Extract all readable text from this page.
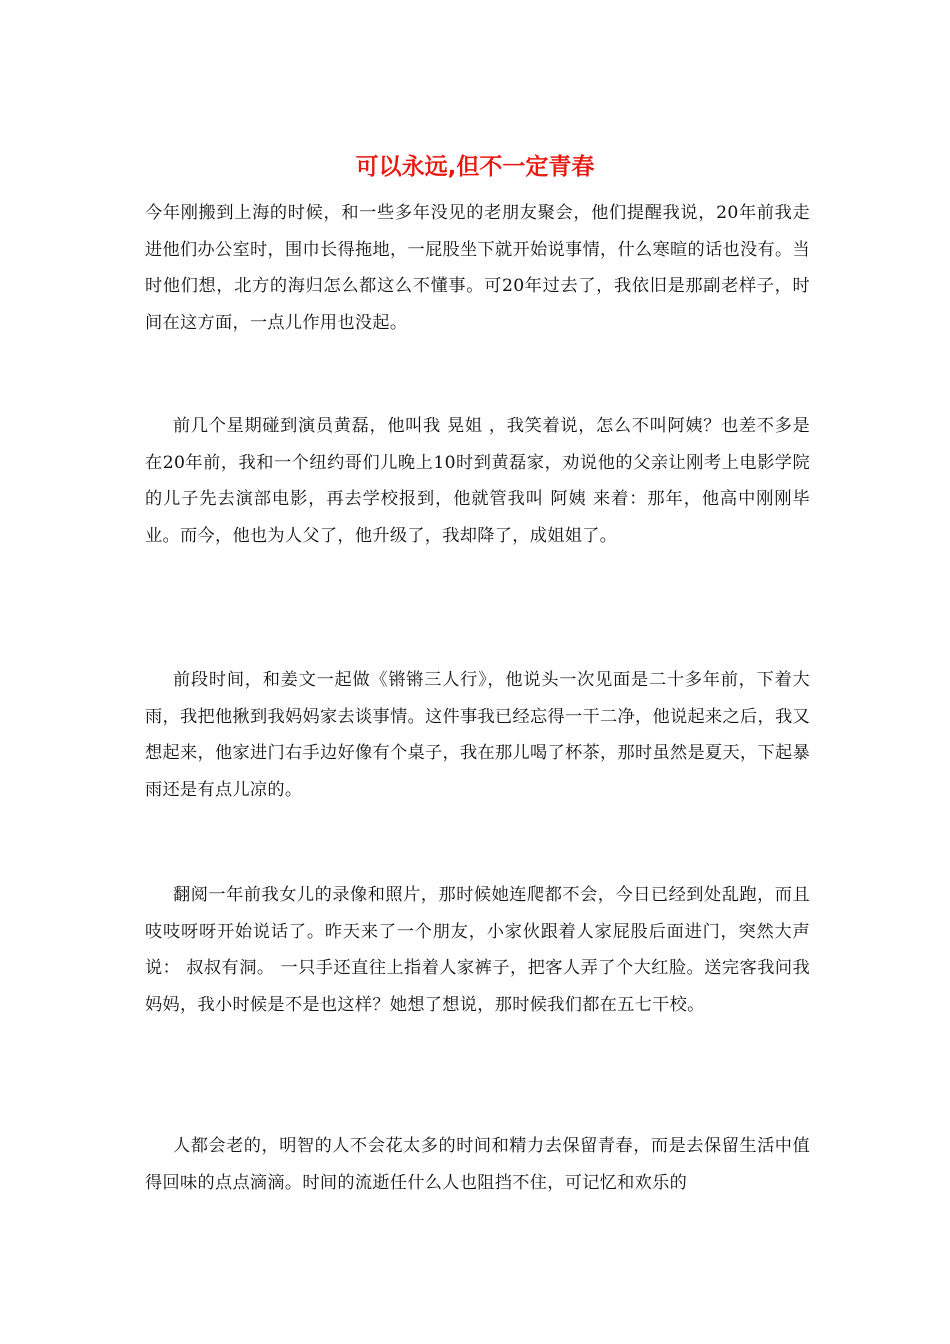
可以永远,但不一定青春

今年刚搬到上海的时候，和一些多年没见的老朋友聚会，他们提醒我说，20年前我走进他们办公室时，围巾长得拖地，一屁股坐下就开始说事情，什么寒暄的话也没有。当时他们想，北方的海归怎么都这么不懂事。可20年过去了，我依旧是那副老样子，时间在这方面，一点儿作用也没起。

前几个星期碰到演员黄磊，他叫我 晃姐 ，我笑着说，怎么不叫阿姨？也差不多是在20年前，我和一个纽约哥们儿晚上10时到黄磊家，劝说他的父亲让刚考上电影学院的儿子先去演部电影，再去学校报到，他就管我叫 阿姨 来着：那年，他高中刚刚毕业。而今，他也为人父了，他升级了，我却降了，成姐姐了。

前段时间，和姜文一起做《锵锵三人行》，他说头一次见面是二十多年前，下着大雨，我把他揪到我妈妈家去谈事情。这件事我已经忘得一干二净，他说起来之后，我又想起来，他家进门右手边好像有个桌子，我在那儿喝了杯茶，那时虽然是夏天，下起暴雨还是有点儿凉的。

翻阅一年前我女儿的录像和照片，那时候她连爬都不会，今日已经到处乱跑，而且吱吱呀呀开始说话了。昨天来了一个朋友，小家伙跟着人家屁股后面进门，突然大声说： 叔叔有洞。 一只手还直往上指着人家裤子，把客人弄了个大红脸。送完客我问我妈妈，我小时候是不是也这样？她想了想说，那时候我们都在五七干校。

人都会老的，明智的人不会花太多的时间和精力去保留青春，而是去保留生活中值得回味的点点滴滴。时间的流逝任什么人也阻挡不住，可记忆和欢乐的
